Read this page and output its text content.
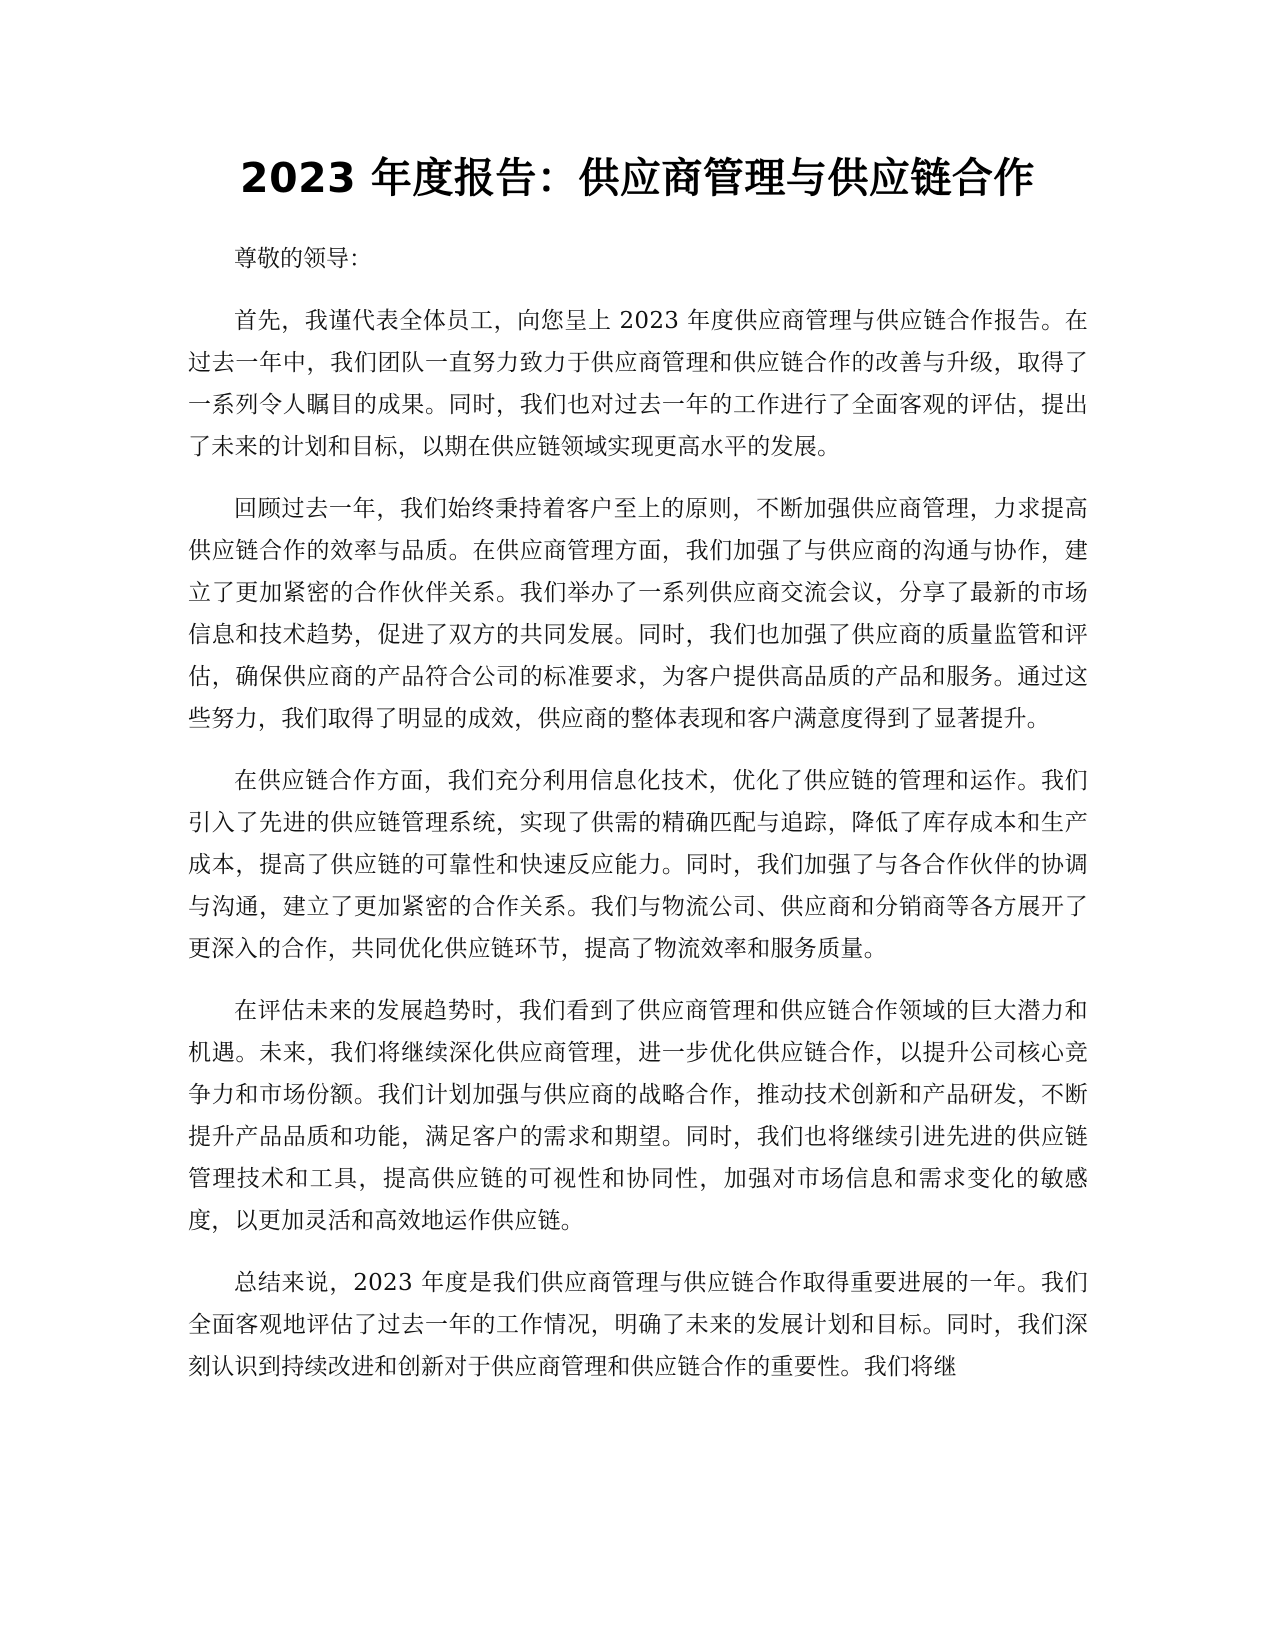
2023 年度报告：供应商管理与供应链合作

尊敬的领导：

首先，我谨代表全体员工，向您呈上 2023 年度供应商管理与供应链合作报告。在过去一年中，我们团队一直努力致力于供应商管理和供应链合作的改善与升级，取得了一系列令人瞩目的成果。同时，我们也对过去一年的工作进行了全面客观的评估，提出了未来的计划和目标，以期在供应链领域实现更高水平的发展。

回顾过去一年，我们始终秉持着客户至上的原则，不断加强供应商管理，力求提高供应链合作的效率与品质。在供应商管理方面，我们加强了与供应商的沟通与协作，建立了更加紧密的合作伙伴关系。我们举办了一系列供应商交流会议，分享了最新的市场信息和技术趋势，促进了双方的共同发展。同时，我们也加强了供应商的质量监管和评估，确保供应商的产品符合公司的标准要求，为客户提供高品质的产品和服务。通过这些努力，我们取得了明显的成效，供应商的整体表现和客户满意度得到了显著提升。

在供应链合作方面，我们充分利用信息化技术，优化了供应链的管理和运作。我们引入了先进的供应链管理系统，实现了供需的精确匹配与追踪，降低了库存成本和生产成本，提高了供应链的可靠性和快速反应能力。同时，我们加强了与各合作伙伴的协调与沟通，建立了更加紧密的合作关系。我们与物流公司、供应商和分销商等各方展开了更深入的合作，共同优化供应链环节，提高了物流效率和服务质量。

在评估未来的发展趋势时，我们看到了供应商管理和供应链合作领域的巨大潜力和机遇。未来，我们将继续深化供应商管理，进一步优化供应链合作，以提升公司核心竞争力和市场份额。我们计划加强与供应商的战略合作，推动技术创新和产品研发，不断提升产品品质和功能，满足客户的需求和期望。同时，我们也将继续引进先进的供应链管理技术和工具，提高供应链的可视性和协同性，加强对市场信息和需求变化的敏感度，以更加灵活和高效地运作供应链。

总结来说，2023 年度是我们供应商管理与供应链合作取得重要进展的一年。我们全面客观地评估了过去一年的工作情况，明确了未来的发展计划和目标。同时，我们深刻认识到持续改进和创新对于供应商管理和供应链合作的重要性。我们将继
